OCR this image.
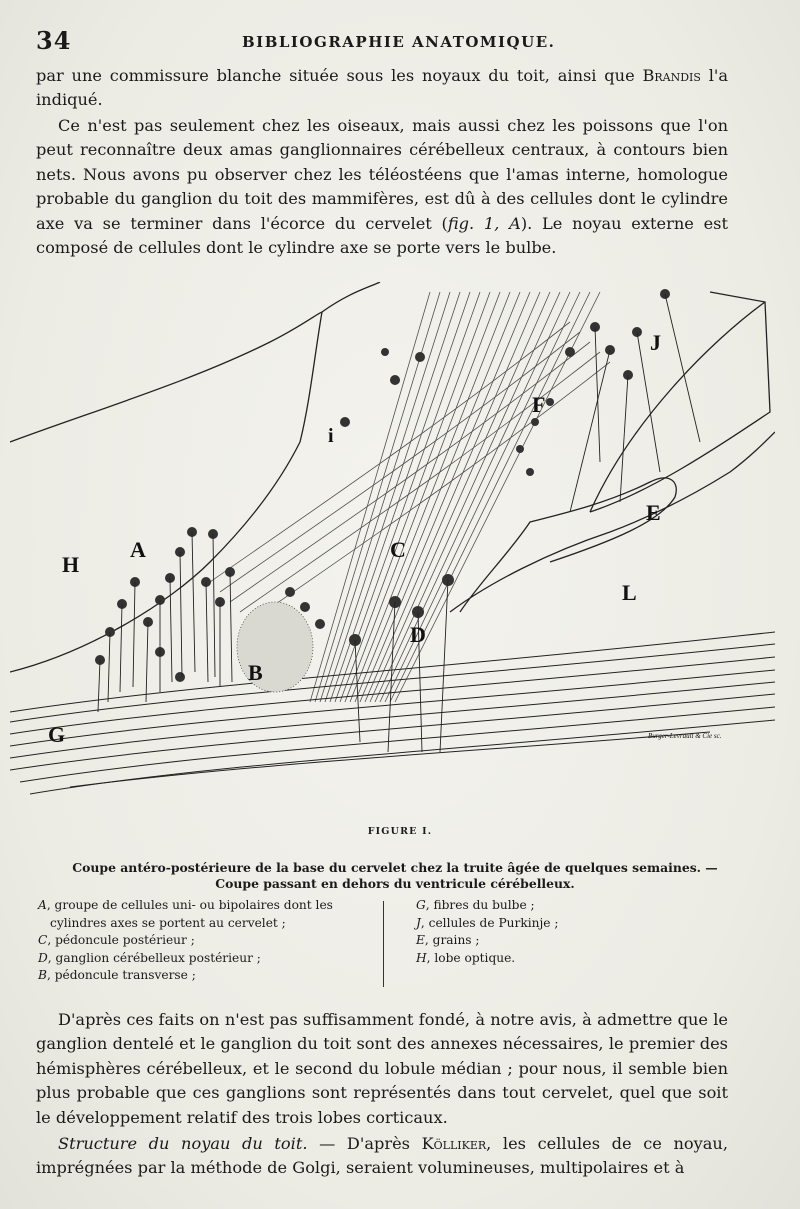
34	BIBLIOGRAPHIE ANATOMIQUE.

par une commissure blanche située sous les noyaux du toit, ainsi que Brandis l'a indiqué.

Ce n'est pas seulement chez les oiseaux, mais aussi chez les poissons que l'on peut reconnaître deux amas ganglionnaires cérébelleux centraux, à contours bien nets. Nous avons pu observer chez les téléostéens que l'amas interne, homologue probable du ganglion du toit des mammifères, est dû à des cellules dont le cylindre axe va se terminer dans l'écorce du cervelet (fig. 1, A). Le noyau externe est composé de cellules dont le cylindre axe se porte vers le bulbe.

H
A
i
F
J
E
C
L
D
B
G	Burger-Levrault & Cie sc.
FIGURE I.
Coupe antéro-postérieure de la base du cervelet chez la truite âgée de quelques semaines. — Coupe passant en dehors du ventricule cérébelleux.
A, groupe de cellules uni- ou bipolaires dont les
cylindres axes se portent au cervelet ;
C, pédoncule postérieur ;
D, ganglion cérébelleux postérieur ;
B, pédoncule transverse ;
G, fibres du bulbe ;
J, cellules de Purkinje ;
E, grains ;
H, lobe optique.

D'après ces faits on n'est pas suffisamment fondé, à notre avis, à admettre que le ganglion dentelé et le ganglion du toit sont des annexes nécessaires, le premier des hémisphères cérébelleux, et le second du lobule médian ; pour nous, il semble bien plus probable que ces ganglions sont représentés dans tout cervelet, quel que soit le développement relatif des trois lobes corticaux.

Structure du noyau du toit. — D'après Kölliker, les cellules de ce noyau, imprégnées par la méthode de Golgi, seraient volumineuses, multipolaires et à
